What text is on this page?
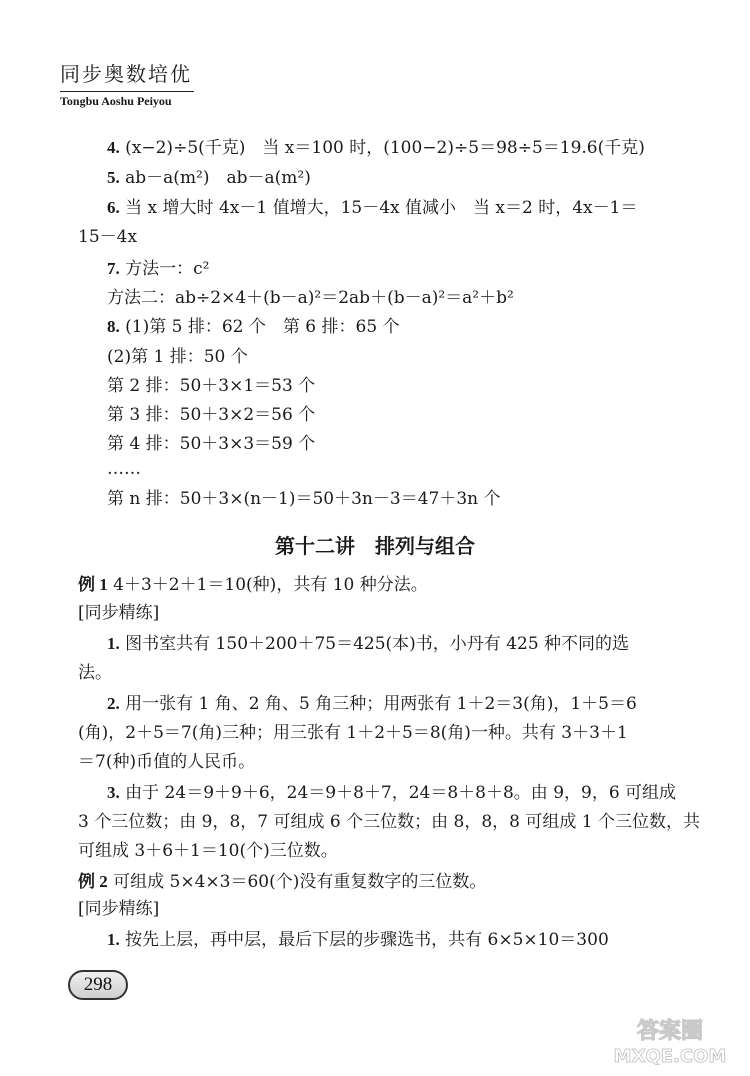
同步奥数培优
Tongbu Aoshu Peiyou
4. (x−2)÷5(千克)　当 x＝100 时，(100−2)÷5＝98÷5＝19.6(千克)
5. ab－a(m²)　ab－a(m²)
6. 当 x 增大时 4x－1 值增大，15－4x 值减小　当 x＝2 时，4x－1＝
15－4x
7. 方法一：c²
方法二：ab÷2×4＋(b－a)²＝2ab＋(b－a)²＝a²＋b²
8. (1)第 5 排：62 个　第 6 排：65 个
(2)第 1 排：50 个
第 2 排：50＋3×1＝53 个
第 3 排：50＋3×2＝56 个
第 4 排：50＋3×3＝59 个
……
第 n 排：50＋3×(n－1)＝50＋3n－3＝47＋3n 个
第十二讲　排列与组合
例 1 4＋3＋2＋1＝10(种)，共有 10 种分法。
[同步精练]
1. 图书室共有 150＋200＋75＝425(本)书，小丹有 425 种不同的选
法。
2. 用一张有 1 角、2 角、5 角三种；用两张有 1＋2＝3(角)，1＋5＝6
(角)，2＋5＝7(角)三种；用三张有 1＋2＋5＝8(角)一种。共有 3＋3＋1
＝7(种)币值的人民币。
3. 由于 24＝9＋9＋6，24＝9＋8＋7，24＝8＋8＋8。由 9，9，6 可组成
3 个三位数；由 9，8，7 可组成 6 个三位数；由 8，8，8 可组成 1 个三位数，共
可组成 3＋6＋1＝10(个)三位数。
例 2 可组成 5×4×3＝60(个)没有重复数字的三位数。
[同步精练]
1. 按先上层，再中层，最后下层的步骤选书，共有 6×5×10＝300
298
答案圈
MXQE.COM
